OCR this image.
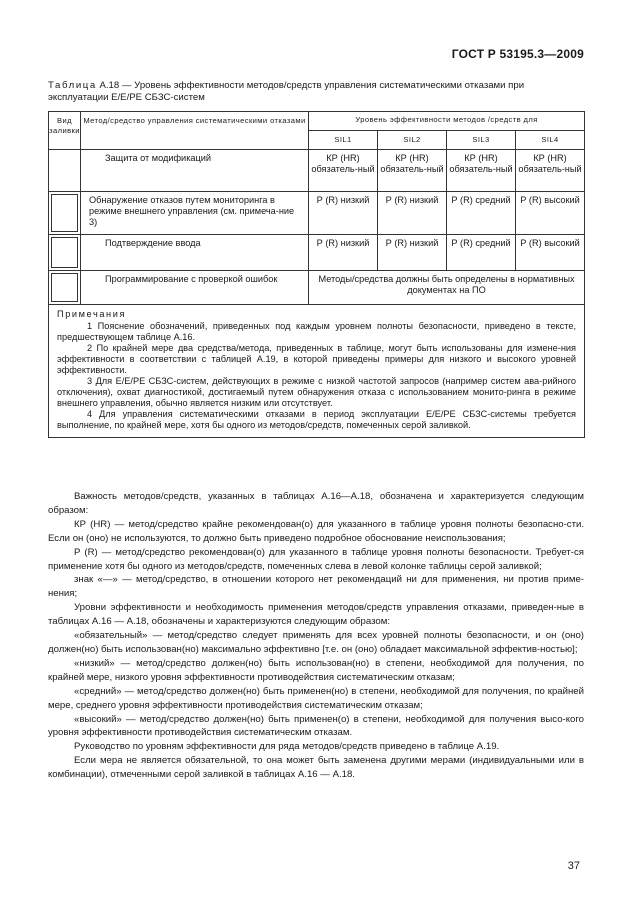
ГОСТ Р 53195.3—2009
Таблица А.18 — Уровень эффективности методов/средств управления систематическими отказами при эксплуатации Е/Е/РЕ СБЗС-систем
Вид заливки	Метод/средство управления систематическими отказами	Уровень эффективности методов /средств для			
		SIL1	SIL2	SIL3	SIL4
	Защита от модификаций	КР (HR) обязатель-ный	КР (HR) обязатель-ный	КР (HR) обязатель-ный	КР (HR) обязатель-ный

	Обнаружение отказов путем мониторинга в режиме внешнего управления (см. примеча-ние 3)	Р (R) низкий	Р (R) низкий	Р (R) средний	Р (R) высокий

	Подтверждение ввода	Р (R) низкий	Р (R) низкий	Р (R) средний	Р (R) высокий

	Программирование с проверкой ошибок	Методы/средства должны быть определены в нормативных документах на ПО			

Примечания

1 Пояснение обозначений, приведенных под каждым уровнем полноты безопасности, приведено в тексте, предшествующем таблице А.16.

2 По крайней мере два средства/метода, приведенных в таблице, могут быть использованы для измене-ния эффективности в соответствии с таблицей А.19, в которой приведены примеры для низкого и высокого уровней эффективности.

3 Для Е/Е/РЕ СБЗС-систем, действующих в режиме с низкой частотой запросов (например систем ава-рийного отключения), охват диагностикой, достигаемый путем обнаружения отказа с использованием монито-ринга в режиме внешнего управления, обычно является низким или отсутствует.

4 Для управления систематическими отказами в период эксплуатации Е/Е/РЕ СБЗС-системы требуется выполнение, по крайней мере, хотя бы одного из методов/средств, помеченных серой заливкой.					

Важность методов/средств, указанных в таблицах А.16—А.18, обозначена и характеризуется следующим образом:

КР (HR) — метод/средство крайне рекомендован(о) для указанного в таблице уровня полноты безопасно-сти. Если он (оно) не используются, то должно быть приведено подробное обоснование неиспользования;

Р (R) — метод/средство рекомендован(о) для указанного в таблице уровня полноты безопасности. Требует-ся применение хотя бы одного из методов/средств, помеченных слева в левой колонке таблицы серой заливкой;

знак «—» — метод/средство, в отношении которого нет рекомендаций ни для применения, ни против приме-нения;

Уровни эффективности и необходимость применения методов/средств управления отказами, приведен-ные в таблицах А.16 — А.18, обозначены и характеризуются следующим образом:

«обязательный» — метод/средство следует применять для всех уровней полноты безопасности, и он (оно) должен(но) быть использован(но) максимально эффективно [т.е. он (оно) обладает максимальной эффектив-ностью];

«низкий» — метод/средство должен(но) быть использован(но) в степени, необходимой для получения, по крайней мере, низкого уровня эффективности противодействия систематическим отказам;

«средний» — метод/средство должен(но) быть применен(но) в степени, необходимой для получения, по крайней мере, среднего уровня эффективности противодействия систематическим отказам;

«высокий» — метод/средство должен(но) быть применен(о) в степени, необходимой для получения высо-кого уровня эффективности противодействия систематическим отказам.

Руководство по уровням эффективности для ряда методов/средств приведено в таблице А.19.

Если мера не является обязательной, то она может быть заменена другими мерами (индивидуальными или в комбинации), отмеченными серой заливкой в таблицах А.16 — А.18.

37
